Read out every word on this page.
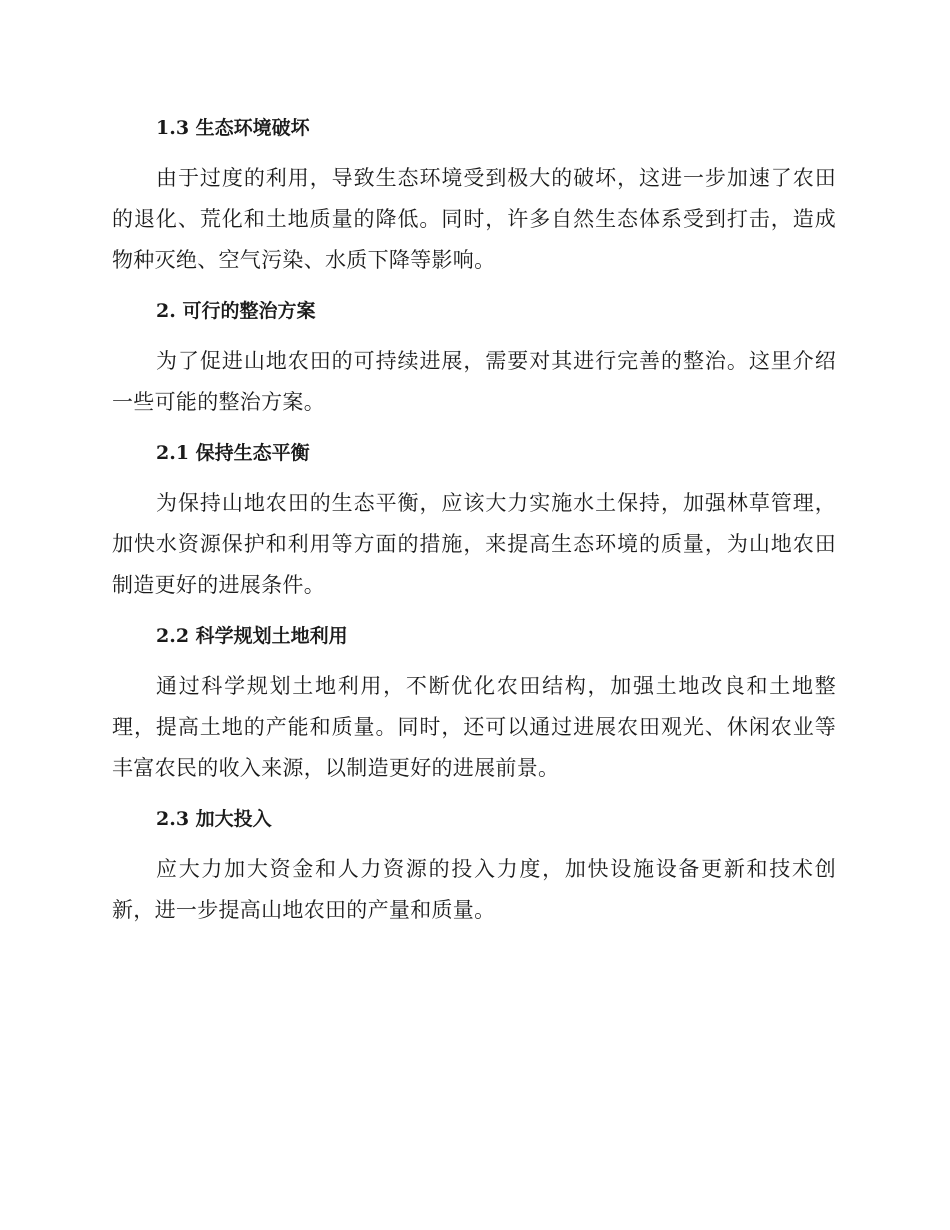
1.3 生态环境破坏

由于过度的利用，导致生态环境受到极大的破坏，这进一步加速了农田的退化、荒化和土地质量的降低。同时，许多自然生态体系受到打击，造成物种灭绝、空气污染、水质下降等影响。

2. 可行的整治方案

为了促进山地农田的可持续进展，需要对其进行完善的整治。这里介绍一些可能的整治方案。

2.1 保持生态平衡

为保持山地农田的生态平衡，应该大力实施水土保持，加强林草管理，加快水资源保护和利用等方面的措施，来提高生态环境的质量，为山地农田制造更好的进展条件。

2.2 科学规划土地利用

通过科学规划土地利用，不断优化农田结构，加强土地改良和土地整理，提高土地的产能和质量。同时，还可以通过进展农田观光、休闲农业等丰富农民的收入来源，以制造更好的进展前景。

2.3 加大投入

应大力加大资金和人力资源的投入力度，加快设施设备更新和技术创新，进一步提高山地农田的产量和质量。
